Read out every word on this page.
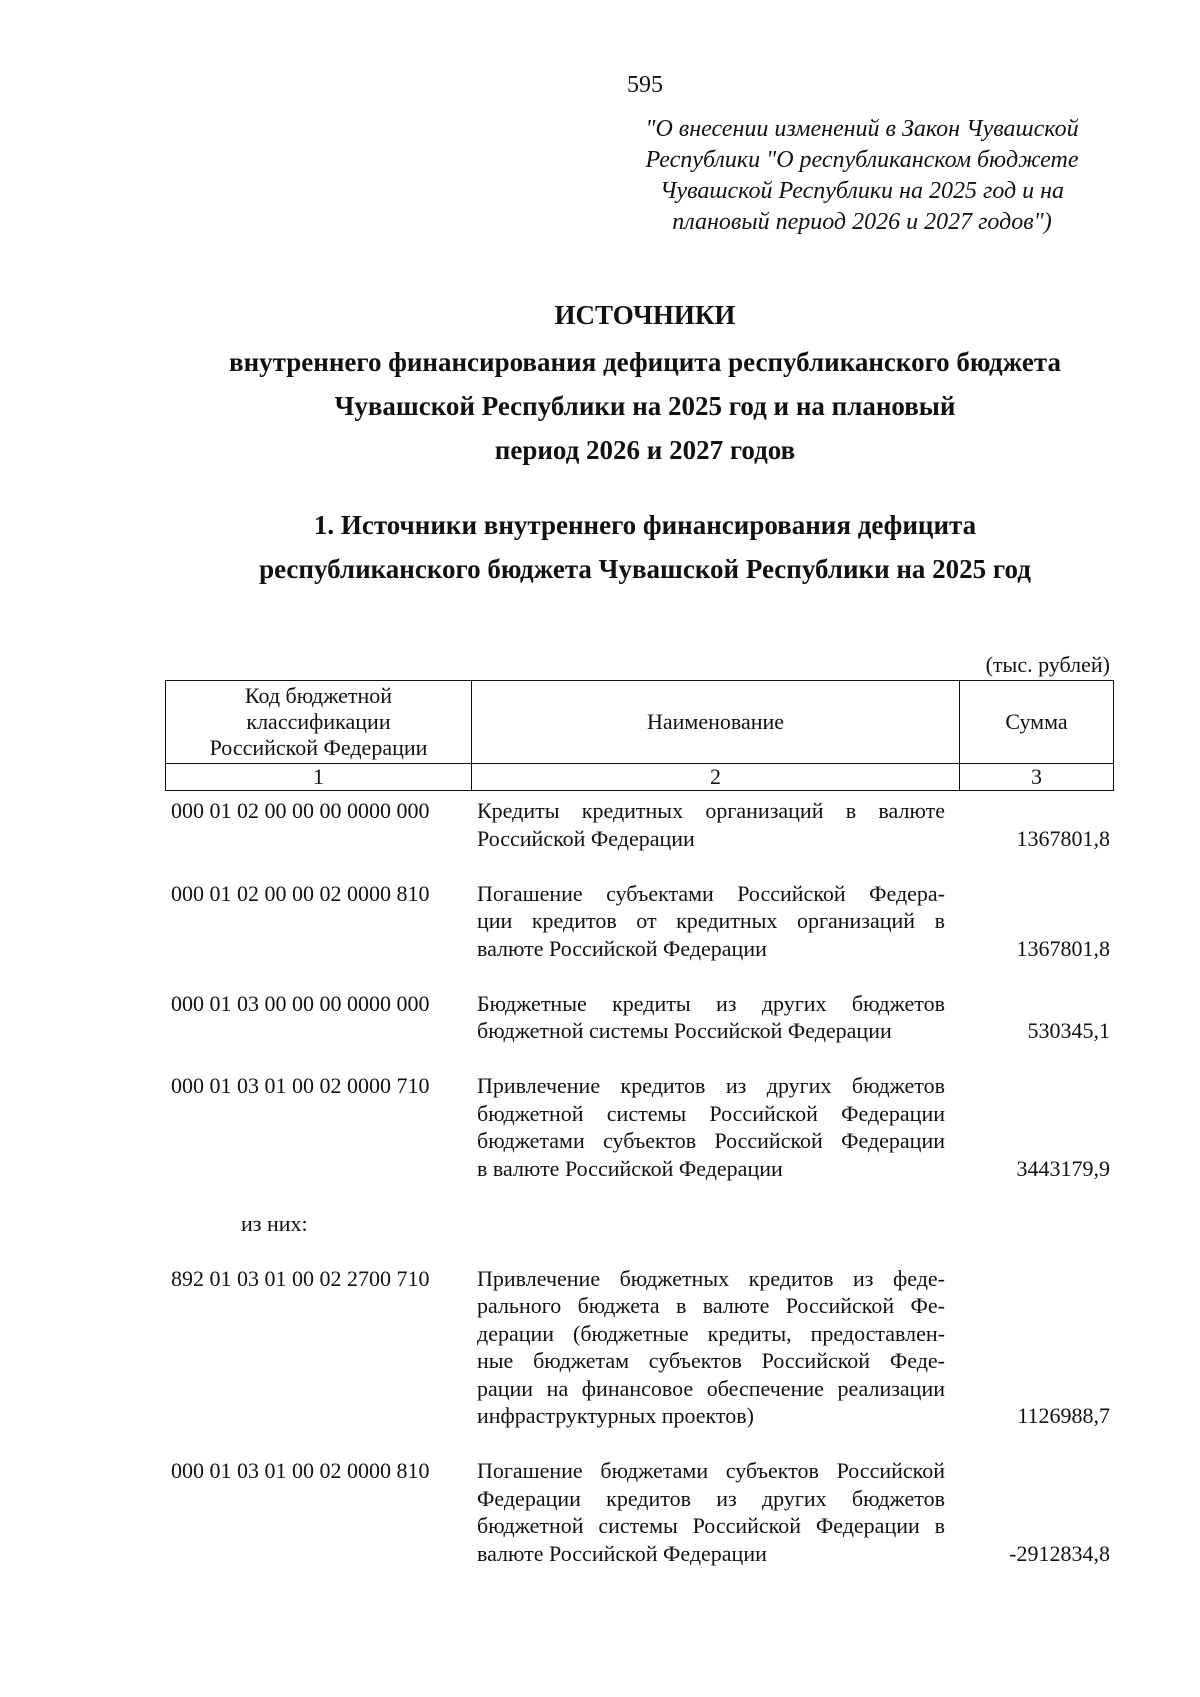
595
"О внесении изменений в Закон Чувашской
Республики "О республиканском бюджете
Чувашской Республики на 2025 год и на
плановый период 2026 и 2027 годов")
ИСТОЧНИКИ
внутреннего финансирования дефицита республиканского бюджета
Чувашской Республики на 2025 год и на плановый
период 2026 и 2027 годов
1. Источники внутреннего финансирования дефицита
республиканского бюджета Чувашской Республики на 2025 год
(тыс. рублей)
Код бюджетной
классификации
Российской Федерации	Наименование	Сумма
1	2	3
000 01 02 00 00 00 0000 000	Кредиты кредитных организаций в валюте
Российской Федерации	1367801,8
000 01 02 00 00 02 0000 810	Погашение субъектами Российской Федера-
ции кредитов от кредитных организаций в
валюте Российской Федерации	1367801,8
000 01 03 00 00 00 0000 000	Бюджетные кредиты из других бюджетов
бюджетной системы Российской Федерации	530345,1
000 01 03 01 00 02 0000 710	Привлечение кредитов из других бюджетов
бюджетной системы Российской Федерации
бюджетами субъектов Российской Федерации
в валюте Российской Федерации	3443179,9
из них:
892 01 03 01 00 02 2700 710	Привлечение бюджетных кредитов из феде-
рального бюджета в валюте Российской Фе-
дерации (бюджетные кредиты, предоставлен-
ные бюджетам субъектов Российской Феде-
рации на финансовое обеспечение реализации
инфраструктурных проектов)	1126988,7
000 01 03 01 00 02 0000 810	Погашение бюджетами субъектов Российской
Федерации кредитов из других бюджетов
бюджетной системы Российской Федерации в
валюте Российской Федерации	-2912834,8
